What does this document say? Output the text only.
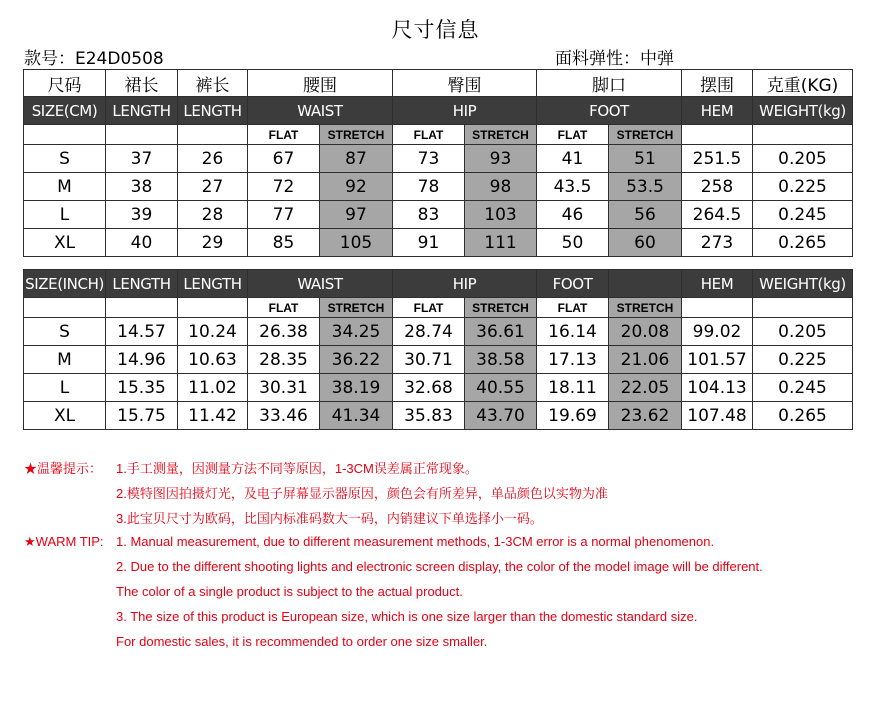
尺寸信息
款号：E24D0508	面料弹性：中弹
尺码	裙长	裤长	腰围		臀围		脚口		摆围	克重(KG)
SIZE(CM)	LENGTH	LENGTH	WAIST		HIP		FOOT		HEM	WEIGHT(kg)
			FLAT	STRETCH	FLAT	STRETCH	FLAT	STRETCH		
S	37	26	67	87	73	93	41	51	251.5	0.205
M	38	27	72	92	78	98	43.5	53.5	258	0.225
L	39	28	77	97	83	103	46	56	264.5	0.245
XL	40	29	85	105	91	111	50	60	273	0.265
SIZE(INCH)	LENGTH	LENGTH	WAIST		HIP		FOOT		HEM	WEIGHT(kg)
			FLAT	STRETCH	FLAT	STRETCH	FLAT	STRETCH		
S	14.57	10.24	26.38	34.25	28.74	36.61	16.14	20.08	99.02	0.205
M	14.96	10.63	28.35	36.22	30.71	38.58	17.13	21.06	101.57	0.225
L	15.35	11.02	30.31	38.19	32.68	40.55	18.11	22.05	104.13	0.245
XL	15.75	11.42	33.46	41.34	35.83	43.70	19.69	23.62	107.48	0.265
★温馨提示： 1.手工测量，因测量方法不同等原因，1-3CM误差属正常现象。
2.模特图因拍摄灯光，及电子屏幕显示器原因，颜色会有所差异，单品颜色以实物为准
3.此宝贝尺寸为欧码，比国内标准码数大一码，内销建议下单选择小一码。
★WARM TIP: 1. Manual measurement, due to different measurement methods, 1-3CM error is a normal phenomenon.
2. Due to the different shooting lights and electronic screen display, the color of the model image will be different.
The color of a single product is subject to the actual product.
3. The size of this product is European size, which is one size larger than the domestic standard size.
For domestic sales, it is recommended to order one size smaller.
